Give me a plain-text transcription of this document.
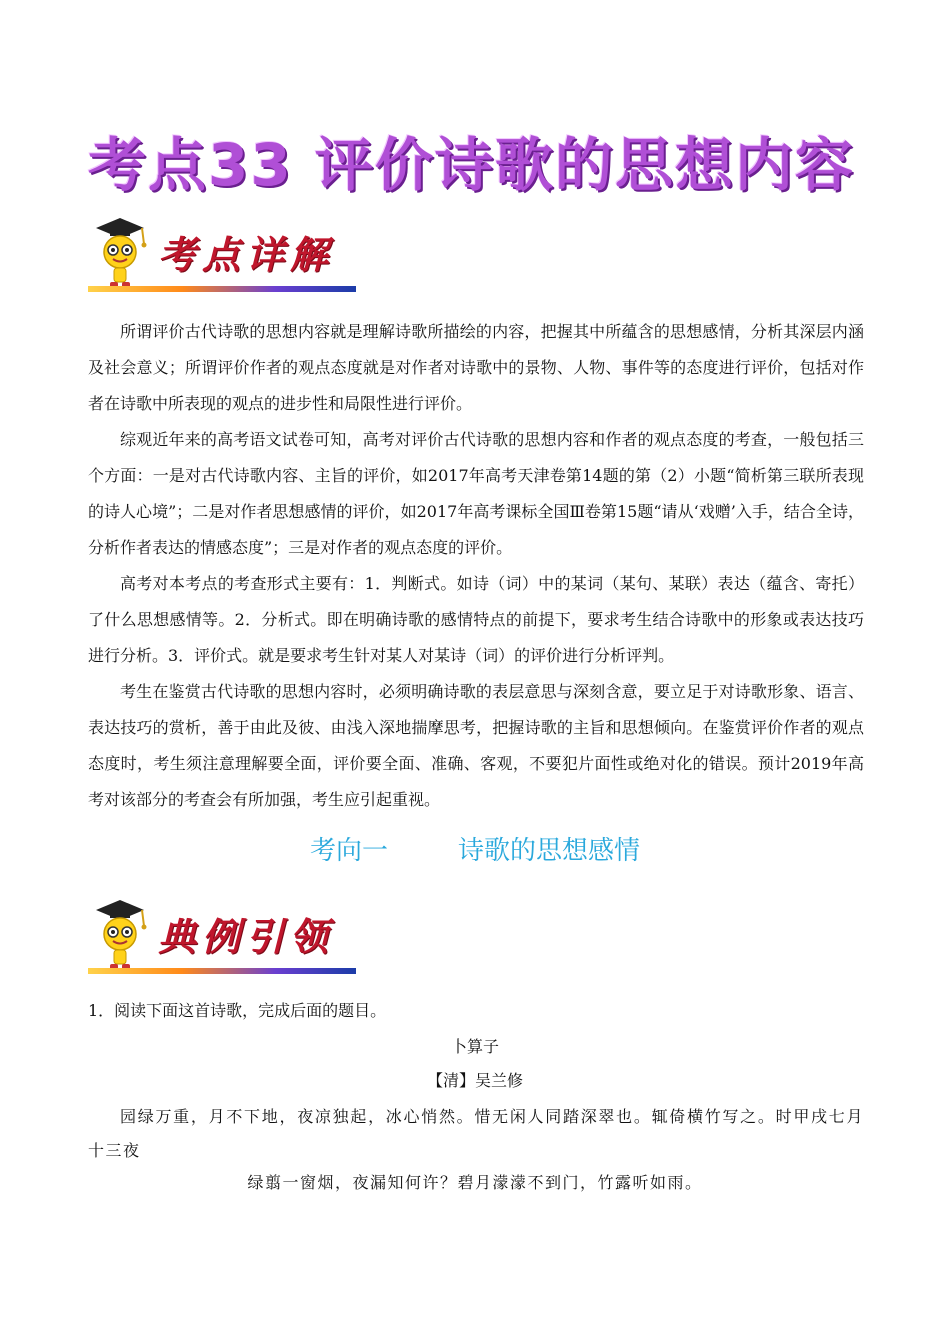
考点33 评价诗歌的思想内容
考点详解

所谓评价古代诗歌的思想内容就是理解诗歌所描绘的内容，把握其中所蕴含的思想感情，分析其深层内涵及社会意义；所谓评价作者的观点态度就是对作者对诗歌中的景物、人物、事件等的态度进行评价，包括对作者在诗歌中所表现的观点的进步性和局限性进行评价。

综观近年来的高考语文试卷可知，高考对评价古代诗歌的思想内容和作者的观点态度的考查，一般包括三个方面：一是对古代诗歌内容、主旨的评价，如2017年高考天津卷第14题的第（2）小题“简析第三联所表现的诗人心境”；二是对作者思想感情的评价，如2017年高考课标全国Ⅲ卷第15题“请从‘戏赠’入手，结合全诗，分析作者表达的情感态度”；三是对作者的观点态度的评价。

高考对本考点的考查形式主要有：1．判断式。如诗（词）中的某词（某句、某联）表达（蕴含、寄托）了什么思想感情等。2．分析式。即在明确诗歌的感情特点的前提下，要求考生结合诗歌中的形象或表达技巧进行分析。3．评价式。就是要求考生针对某人对某诗（词）的评价进行分析评判。

考生在鉴赏古代诗歌的思想内容时，必须明确诗歌的表层意思与深刻含意，要立足于对诗歌形象、语言、表达技巧的赏析，善于由此及彼、由浅入深地揣摩思考，把握诗歌的主旨和思想倾向。在鉴赏评价作者的观点态度时，考生须注意理解要全面，评价要全面、准确、客观，不要犯片面性或绝对化的错误。预计2019年高考对该部分的考查会有所加强，考生应引起重视。

考向一	诗歌的思想感情
典例引领
1．阅读下面这首诗歌，完成后面的题目。
卜算子
【清】吴兰修
园绿万重，月不下地，夜凉独起，冰心悄然。惜无闲人同踏深翠也。辄倚横竹写之。时甲戌七月十三夜
绿翦一窗烟，夜漏知何许？碧月濛濛不到门，竹露听如雨。
